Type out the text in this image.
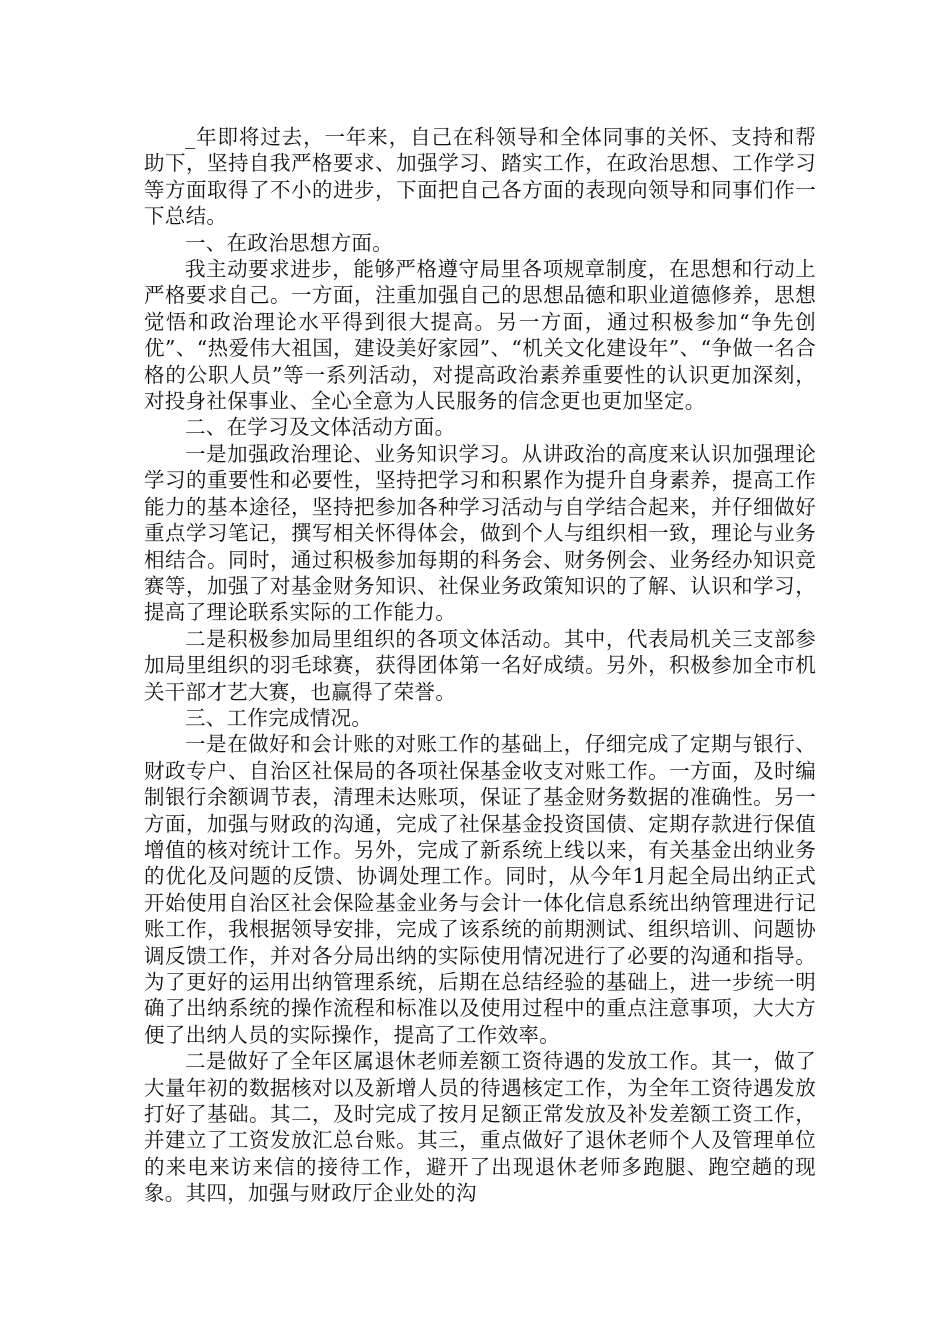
_年即将过去，一年来，自己在科领导和全体同事的关怀、支持和帮助下，坚持自我严格要求、加强学习、踏实工作，在政治思想、工作学习等方面取得了不小的进步，下面把自己各方面的表现向领导和同事们作一下总结。

一、在政治思想方面。

我主动要求进步，能够严格遵守局里各项规章制度，在思想和行动上严格要求自己。一方面，注重加强自己的思想品德和职业道德修养，思想觉悟和政治理论水平得到很大提高。另一方面，通过积极参加“争先创优”、“热爱伟大祖国，建设美好家园”、“机关文化建设年”、“争做一名合格的公职人员”等一系列活动，对提高政治素养重要性的认识更加深刻，对投身社保事业、全心全意为人民服务的信念更也更加坚定。

二、在学习及文体活动方面。

一是加强政治理论、业务知识学习。从讲政治的高度来认识加强理论学习的重要性和必要性，坚持把学习和积累作为提升自身素养，提高工作能力的基本途径，坚持把参加各种学习活动与自学结合起来，并仔细做好重点学习笔记，撰写相关怀得体会，做到个人与组织相一致，理论与业务相结合。同时，通过积极参加每期的科务会、财务例会、业务经办知识竞赛等，加强了对基金财务知识、社保业务政策知识的了解、认识和学习，提高了理论联系实际的工作能力。

二是积极参加局里组织的各项文体活动。其中，代表局机关三支部参加局里组织的羽毛球赛，获得团体第一名好成绩。另外，积极参加全市机关干部才艺大赛，也赢得了荣誉。

三、工作完成情况。

一是在做好和会计账的对账工作的基础上，仔细完成了定期与银行、财政专户、自治区社保局的各项社保基金收支对账工作。一方面，及时编制银行余额调节表，清理未达账项，保证了基金财务数据的准确性。另一方面，加强与财政的沟通，完成了社保基金投资国债、定期存款进行保值增值的核对统计工作。另外，完成了新系统上线以来，有关基金出纳业务的优化及问题的反馈、协调处理工作。同时，从今年1月起全局出纳正式开始使用自治区社会保险基金业务与会计一体化信息系统出纳管理进行记账工作，我根据领导安排，完成了该系统的前期测试、组织培训、问题协调反馈工作，并对各分局出纳的实际使用情况进行了必要的沟通和指导。为了更好的运用出纳管理系统，后期在总结经验的基础上，进一步统一明确了出纳系统的操作流程和标准以及使用过程中的重点注意事项，大大方便了出纳人员的实际操作，提高了工作效率。

二是做好了全年区属退休老师差额工资待遇的发放工作。其一，做了大量年初的数据核对以及新增人员的待遇核定工作，为全年工资待遇发放打好了基础。其二，及时完成了按月足额正常发放及补发差额工资工作，并建立了工资发放汇总台账。其三，重点做好了退休老师个人及管理单位的来电来访来信的接待工作，避开了出现退休老师多跑腿、跑空趟的现象。其四，加强与财政厅企业处的沟
